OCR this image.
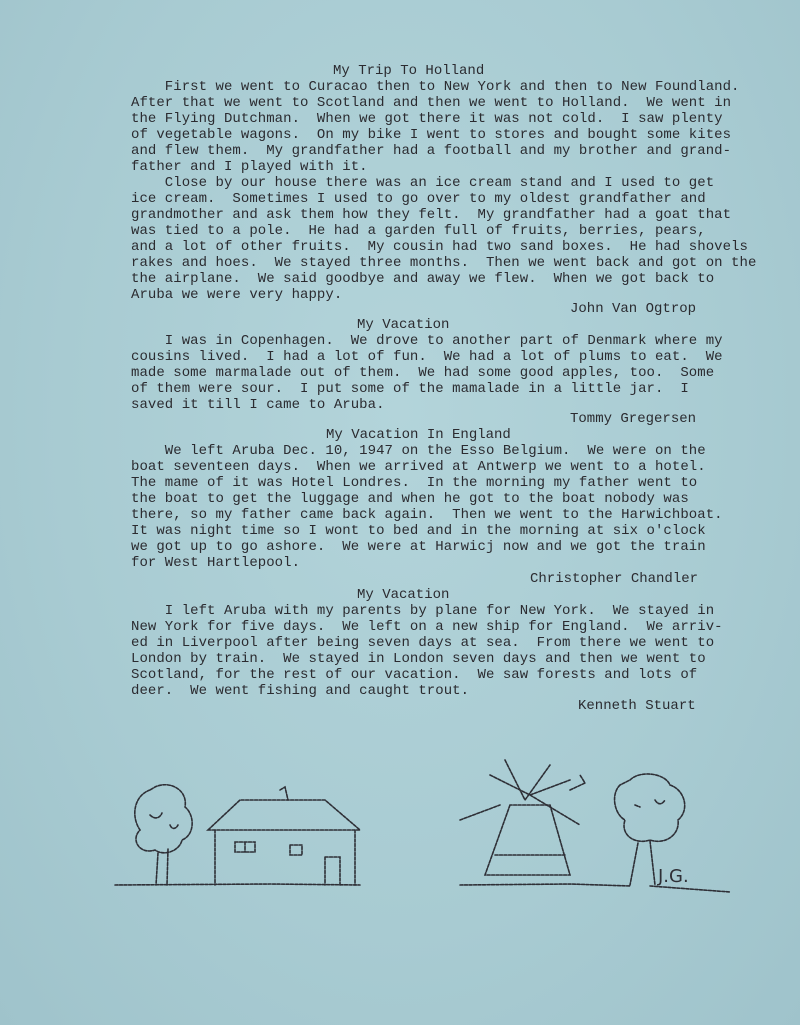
My Trip To Holland
First we went to Curacao then to New York and then to New Foundland.
After that we went to Scotland and then we went to Holland.  We went in
the Flying Dutchman.  When we got there it was not cold.  I saw plenty
of vegetable wagons.  On my bike I went to stores and bought some kites
and flew them.  My grandfather had a football and my brother and grand-
father and I played with it.
Close by our house there was an ice cream stand and I used to get
ice cream.  Sometimes I used to go over to my oldest grandfather and
grandmother and ask them how they felt.  My grandfather had a goat that
was tied to a pole.  He had a garden full of fruits, berries, pears,
and a lot of other fruits.  My cousin had two sand boxes.  He had shovels
rakes and hoes.  We stayed three months.  Then we went back and got on the
the airplane.  We said goodbye and away we flew.  When we got back to
Aruba we were very happy.
John Van Ogtrop
My Vacation
I was in Copenhagen.  We drove to another part of Denmark where my
cousins lived.  I had a lot of fun.  We had a lot of plums to eat.  We
made some marmalade out of them.  We had some good apples, too.  Some
of them were sour.  I put some of the mamalade in a little jar.  I
saved it till I came to Aruba.
Tommy Gregersen
My Vacation In England
We left Aruba Dec. 10, 1947 on the Esso Belgium.  We were on the
boat seventeen days.  When we arrived at Antwerp we went to a hotel.
The mame of it was Hotel Londres.  In the morning my father went to
the boat to get the luggage and when he got to the boat nobody was
there, so my father came back again.  Then we went to the Harwichboat.
It was night time so I wont to bed and in the morning at six o'clock
we got up to go ashore.  We were at Harwicj now and we got the train
for West Hartlepool.
Christopher Chandler
My Vacation
I left Aruba with my parents by plane for New York.  We stayed in
New York for five days.  We left on a new ship for England.  We arriv-
ed in Liverpool after being seven days at sea.  From there we went to
London by train.  We stayed in London seven days and then we went to
Scotland, for the rest of our vacation.  We saw forests and lots of
deer.  We went fishing and caught trout.
Kenneth Stuart
J.G.
